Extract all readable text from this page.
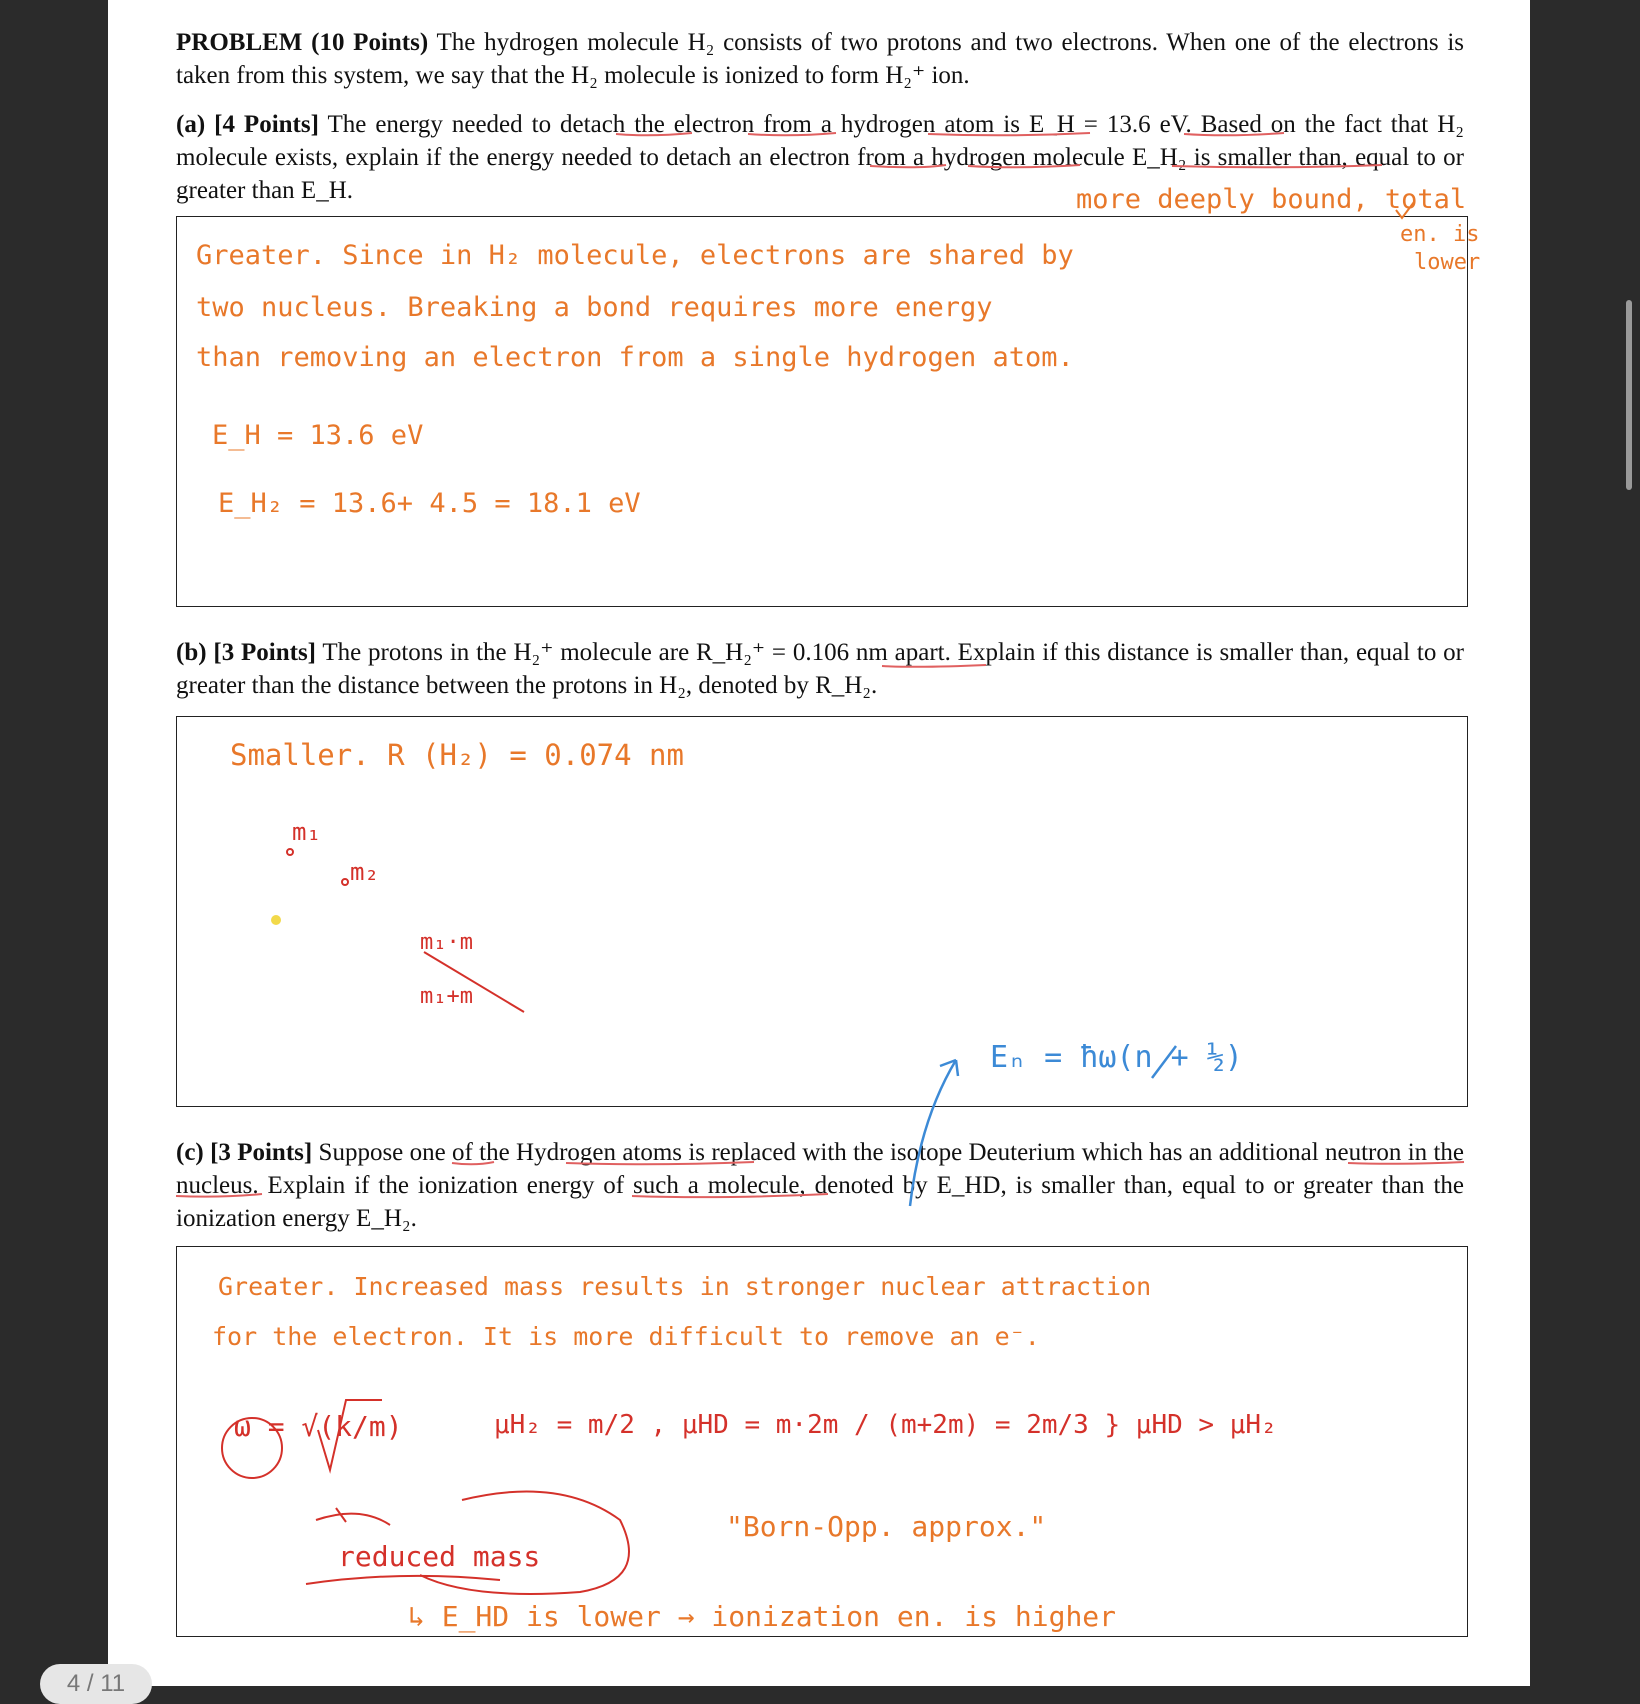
PROBLEM (10 Points) The hydrogen molecule H₂ consists of two protons and two electrons. When one of the electrons is taken from this system, we say that the H₂ molecule is ionized to form H₂⁺ ion.
(a) [4 Points] The energy needed to detach the electron from a hydrogen atom is E_H = 13.6 eV. Based on the fact that H₂ molecule exists, explain if the energy needed to detach an electron from a hydrogen molecule E_H₂ is smaller than, equal to or greater than E_H.	more deeply bound, total
en. is
lower
Greater. Since in H₂ molecule, electrons are shared by
two nucleus. Breaking a bond requires more energy
than removing an electron from a single hydrogen atom.
E_H = 13.6 eV
E_H₂ = 13.6+ 4.5 = 18.1 eV
(b) [3 Points] The protons in the H₂⁺ molecule are R_H₂⁺ = 0.106 nm apart. Explain if this distance is smaller than, equal to or greater than the distance between the protons in H₂, denoted by R_H₂.
Smaller. R (H₂) = 0.074 nm
m₁
m₂
m₁·m
m₁+m
Eₙ = ħω(n + ½)
(c) [3 Points] Suppose one of the Hydrogen atoms is replaced with the isotope Deuterium which has an additional neutron in the nucleus. Explain if the ionization energy of such a molecule, denoted by E_HD, is smaller than, equal to or greater than the ionization energy E_H₂.
Greater. Increased mass results in stronger nuclear attraction
for the electron. It is more difficult to remove an e⁻.
ω = √(k/m)	μH₂ = m/2 , μHD = m·2m / (m+2m) = 2m/3 } μHD > μH₂
reduced mass
"Born-Opp. approx."
↳ E_HD is lower → ionization en. is higher
4 / 11
